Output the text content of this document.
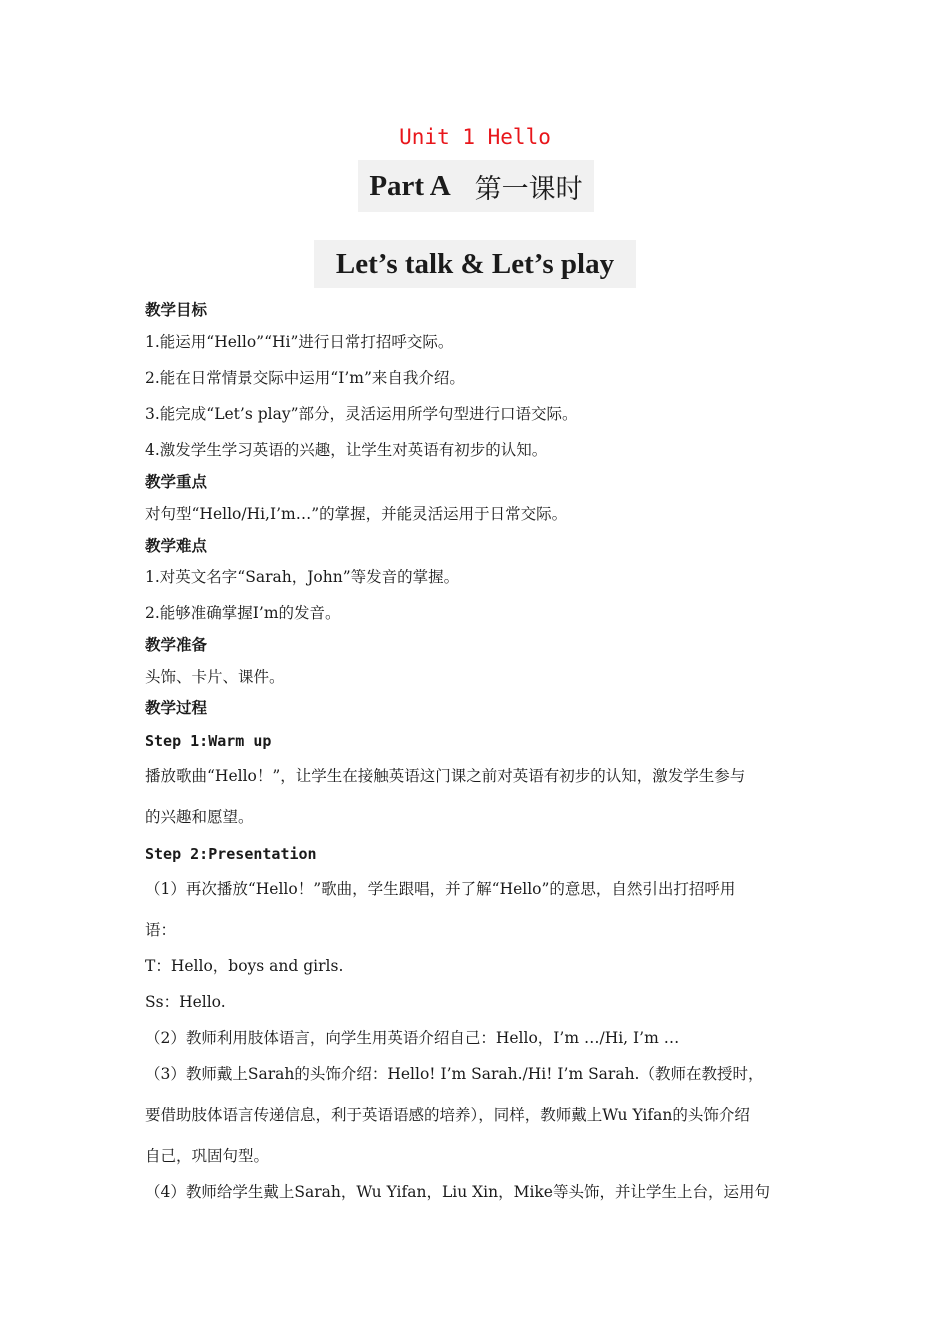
Unit 1 Hello
Part A 第一课时
Let’s talk & Let’s play
教学目标
1.能运用“Hello”“Hi”进行日常打招呼交际。
2.能在日常情景交际中运用“I’m”来自我介绍。
3.能完成“Let’s play”部分，灵活运用所学句型进行口语交际。
4.激发学生学习英语的兴趣，让学生对英语有初步的认知。
教学重点
对句型“Hello/Hi,I’m…”的掌握，并能灵活运用于日常交际。
教学难点
1.对英文名字“Sarah，John”等发音的掌握。
2.能够准确掌握I’m的发音。
教学准备
头饰、卡片、课件。
教学过程
Step 1:Warm up
播放歌曲“Hello！”，让学生在接触英语这门课之前对英语有初步的认知，激发学生参与
的兴趣和愿望。
Step 2:Presentation
（1）再次播放“Hello！”歌曲，学生跟唱，并了解“Hello”的意思，自然引出打招呼用
语：
T：Hello，boys and girls.
Ss：Hello.
（2）教师利用肢体语言，向学生用英语介绍自己：Hello，I’m …/Hi, I’m …
（3）教师戴上Sarah的头饰介绍：Hello! I’m Sarah./Hi! I’m Sarah.（教师在教授时，
要借助肢体语言传递信息，利于英语语感的培养），同样，教师戴上Wu Yifan的头饰介绍
自己，巩固句型。
（4）教师给学生戴上Sarah，Wu Yifan，Liu Xin，Mike等头饰，并让学生上台，运用句
